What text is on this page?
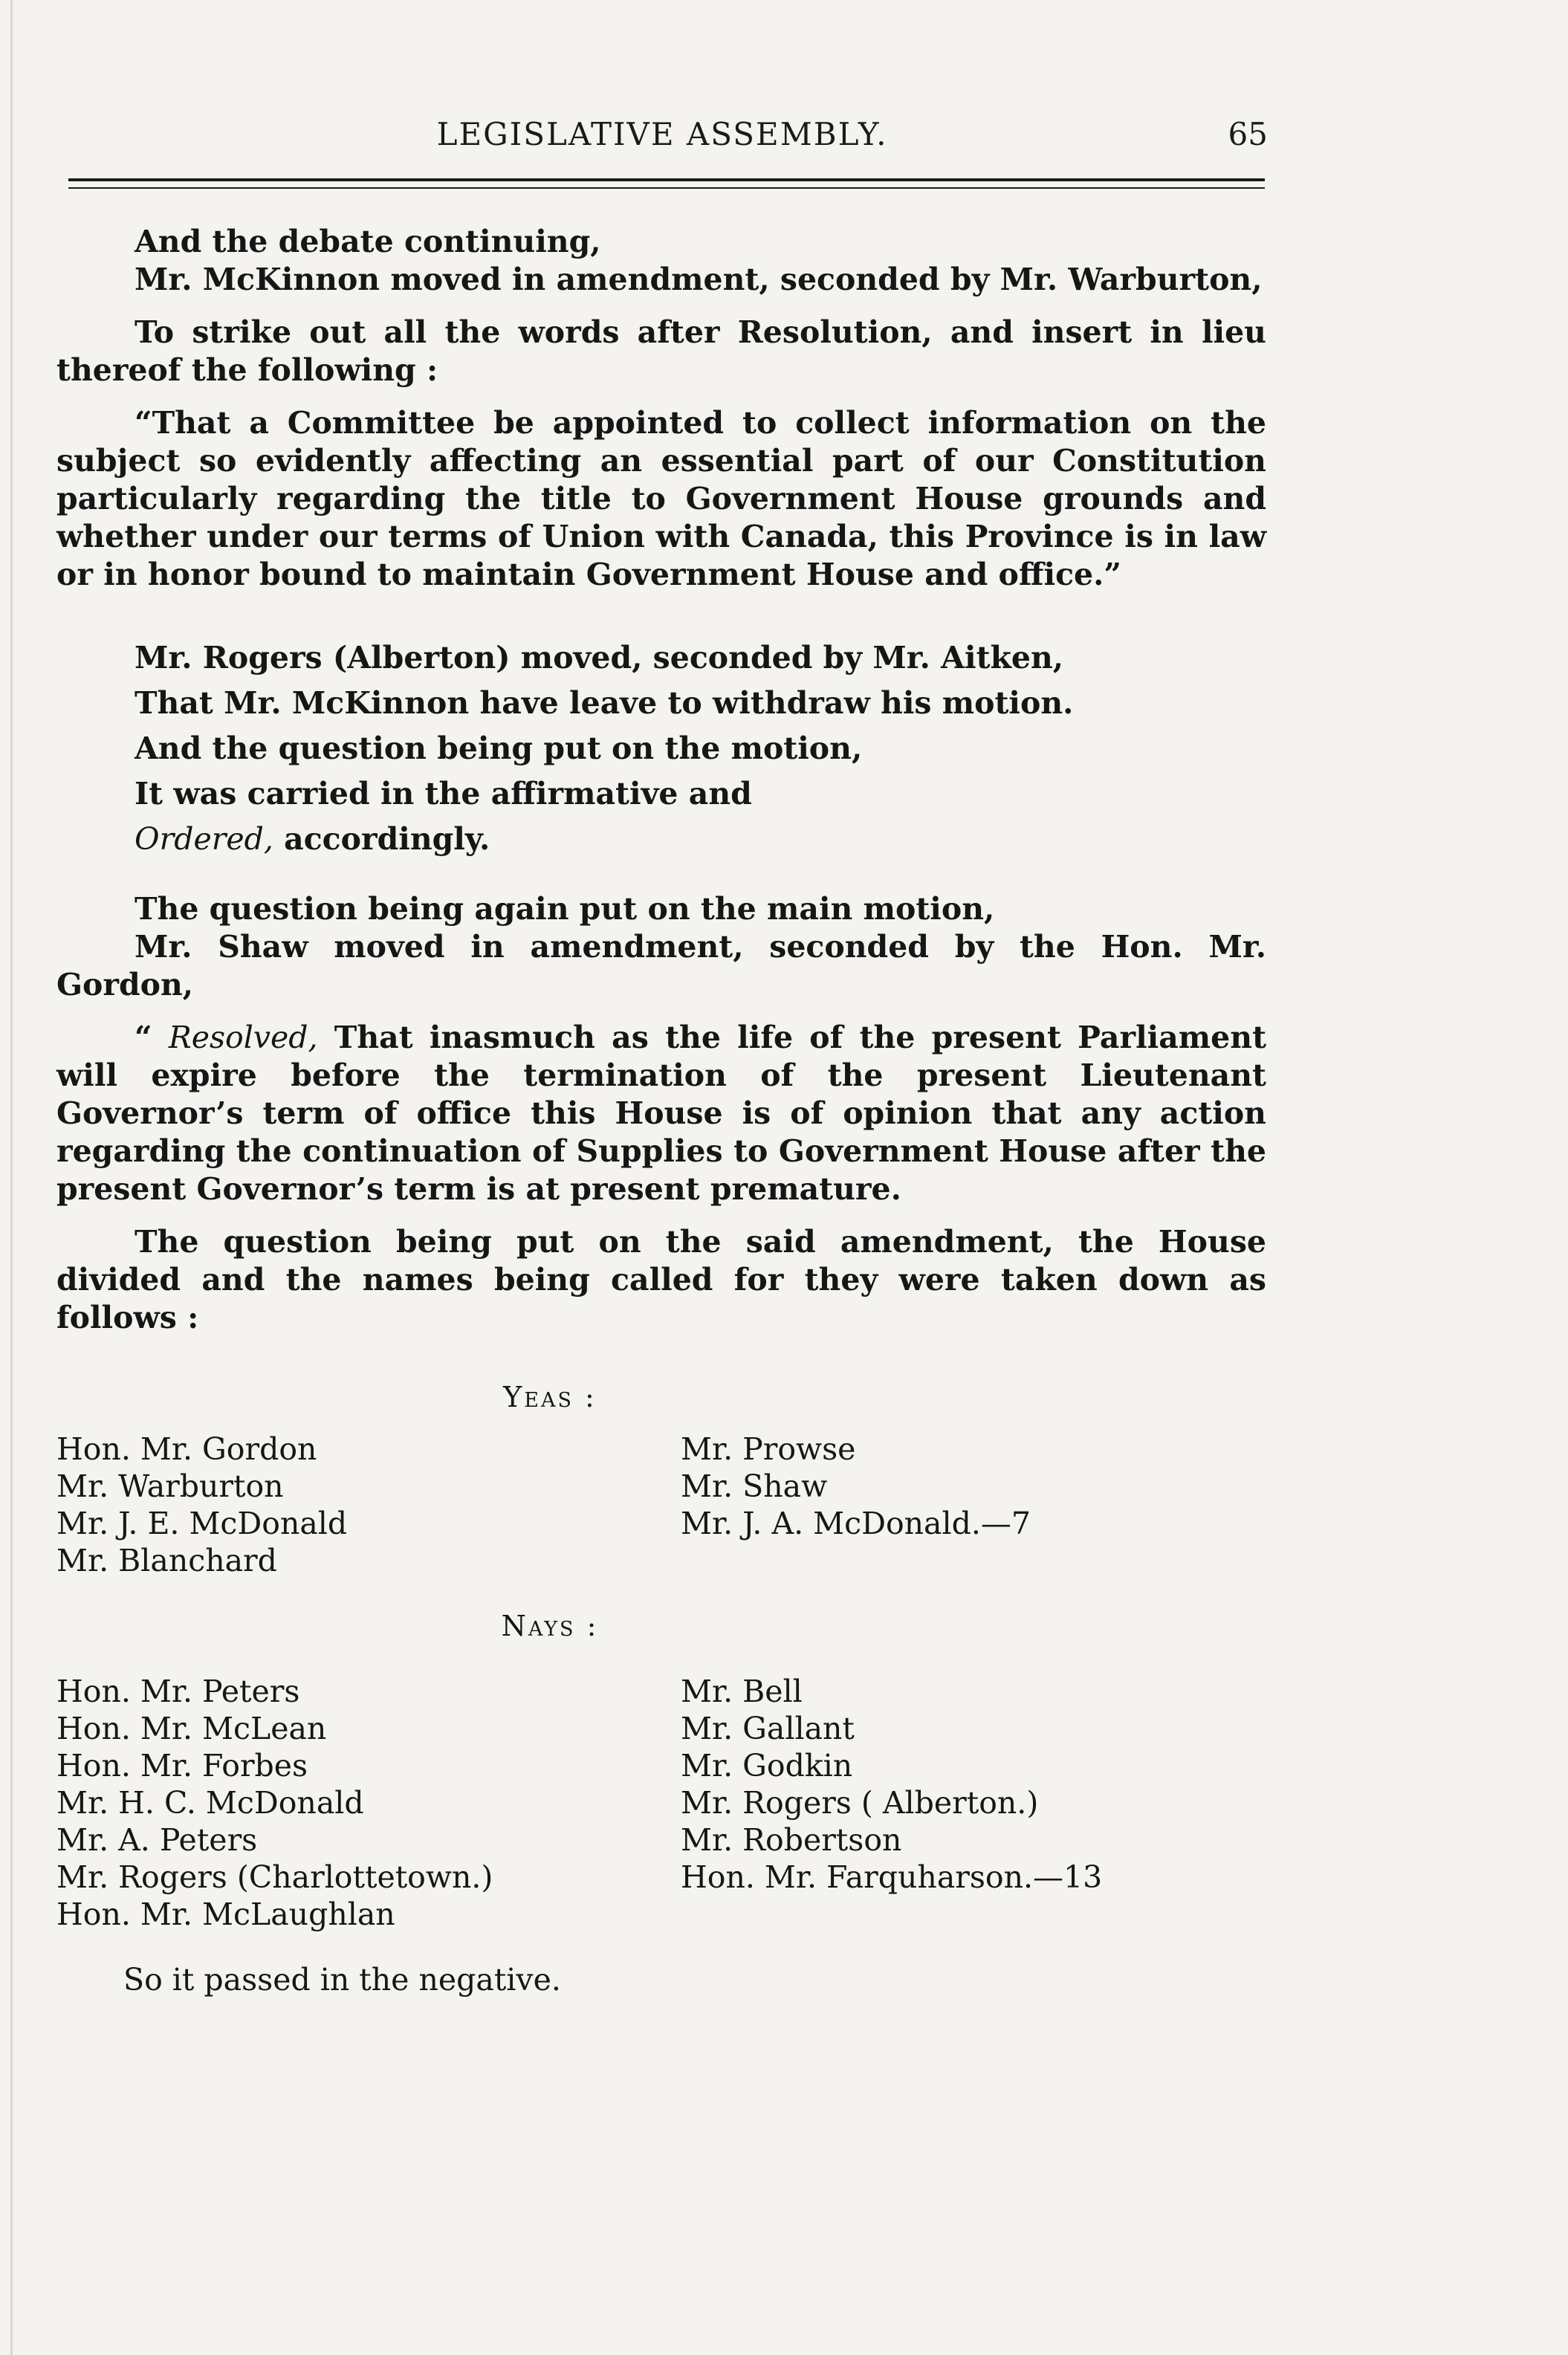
LEGISLATIVE ASSEMBLY.	65

And the debate continuing,

Mr. McKinnon moved in amendment, seconded by Mr. Warburton,

To strike out all the words after Resolution, and insert in lieu thereof the following :

“That a Committee be appointed to collect information on the subject so evidently affecting an essential part of our Constitution particularly regarding the title to Government House grounds and whether under our terms of Union with Canada, this Province is in law or in honor bound to maintain Government House and office.”

Mr. Rogers (Alberton) moved, seconded by Mr. Aitken,
That Mr. McKinnon have leave to withdraw his motion.
And the question being put on the motion,
It was carried in the affirmative and
Ordered, accordingly.

The question being again put on the main motion,

Mr. Shaw moved in amendment, seconded by the Hon. Mr. Gordon,

“ Resolved, That inasmuch as the life of the present Parliament will expire before the termination of the present Lieutenant Governor’s term of office this House is of opinion that any action regarding the continuation of Supplies to Government House after the present Governor’s term is at present premature.

The question being put on the said amendment, the House divided and the names being called for they were taken down as follows :

Yeas :
Hon. Mr. Gordon
Mr. Warburton
Mr. J. E. McDonald
Mr. Blanchard
Mr. Prowse
Mr. Shaw
Mr. J. A. McDonald.—7
Nays :
Hon. Mr. Peters
Hon. Mr. McLean
Hon. Mr. Forbes
Mr. H. C. McDonald
Mr. A. Peters
Mr. Rogers (Charlottetown.)
Hon. Mr. McLaughlan
Mr. Bell
Mr. Gallant
Mr. Godkin
Mr. Rogers ( Alberton.)
Mr. Robertson
Hon. Mr. Farquharson.—13
So it passed in the negative.
